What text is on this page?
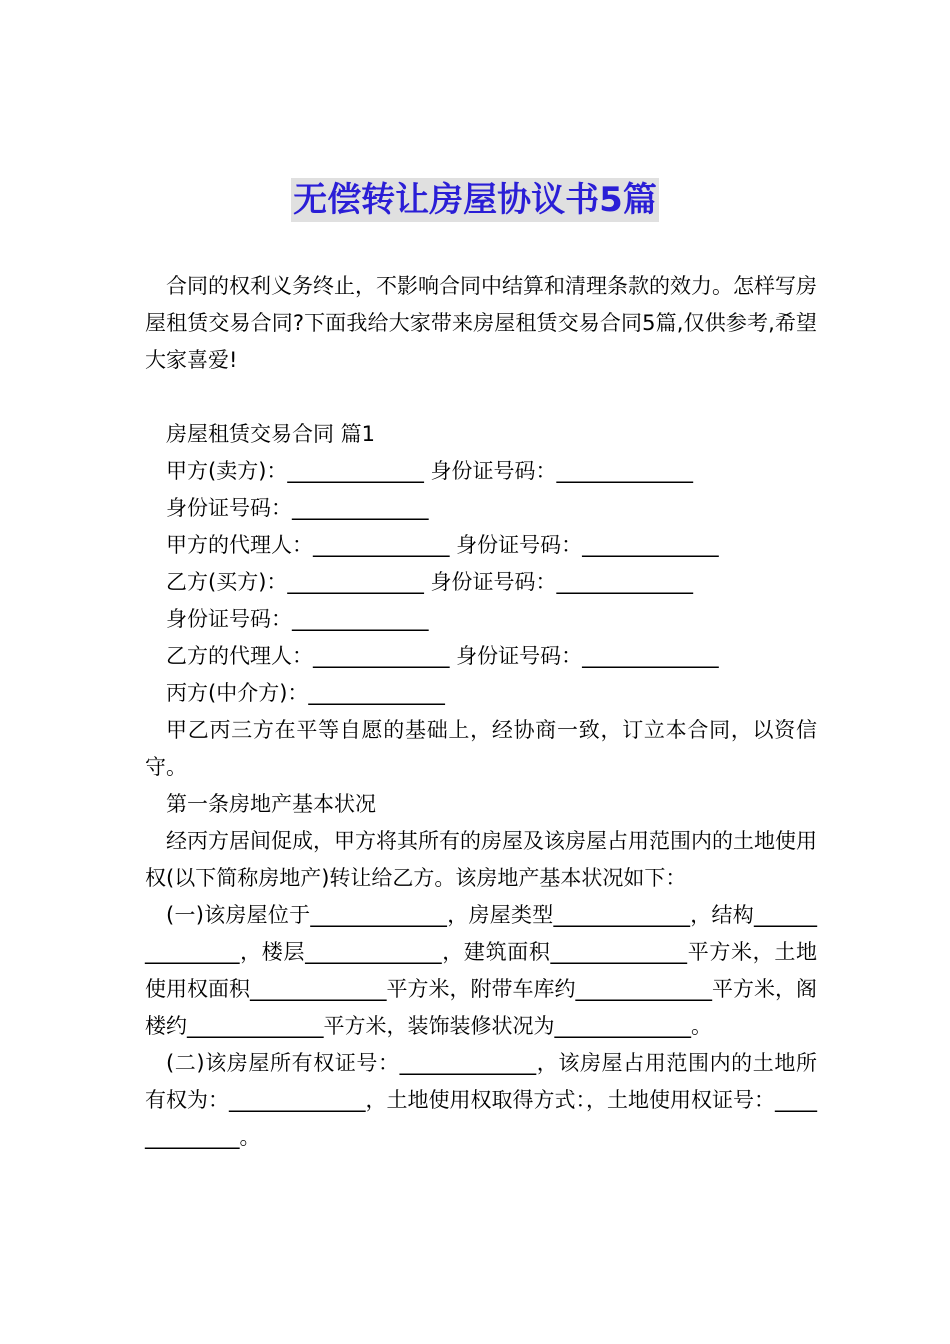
无偿转让房屋协议书5篇

合同的权利义务终止，不影响合同中结算和清理条款的效力。怎样写房屋租赁交易合同?下面我给大家带来房屋租赁交易合同5篇,仅供参考,希望大家喜爱!

房屋租赁交易合同 篇1

甲方(卖方)：_____________ 身份证号码：_____________

身份证号码：_____________

甲方的代理人：_____________ 身份证号码：_____________

乙方(买方)：_____________ 身份证号码：_____________

身份证号码：_____________

乙方的代理人：_____________ 身份证号码：_____________

丙方(中介方)：_____________

甲乙丙三方在平等自愿的基础上，经协商一致，订立本合同，以资信守。

第一条房地产基本状况

经丙方居间促成，甲方将其所有的房屋及该房屋占用范围内的土地使用权(以下简称房地产)转让给乙方。该房地产基本状况如下：

(一)该房屋位于_____________，房屋类型_____________，结构_______________，楼层_____________，建筑面积_____________平方米，土地使用权面积_____________平方米，附带车库约_____________平方米，阁楼约_____________平方米，装饰装修状况为_____________。

(二)该房屋所有权证号：_____________，该房屋占用范围内的土地所有权为：_____________，土地使用权取得方式：，土地使用权证号：_____________。
